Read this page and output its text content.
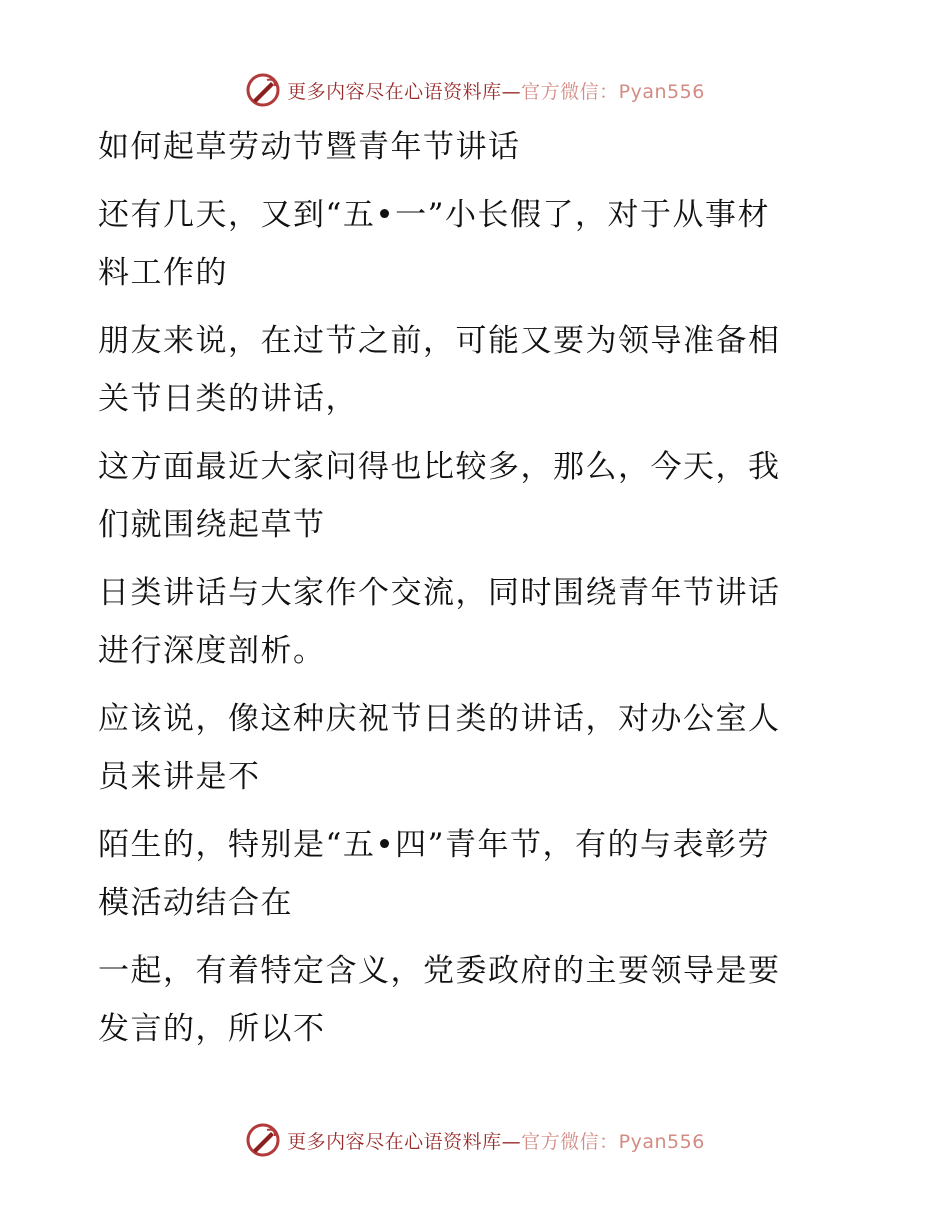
更多内容尽在心语资料库—官方微信：Pyan556
如何起草劳动节暨青年节讲话
还有几天，又到“五•一”小长假了，对于从事材
料工作的
朋友来说，在过节之前，可能又要为领导准备相
关节日类的讲话，
这方面最近大家问得也比较多，那么，今天，我
们就围绕起草节
日类讲话与大家作个交流，同时围绕青年节讲话
进行深度剖析。
应该说，像这种庆祝节日类的讲话，对办公室人
员来讲是不
陌生的，特别是“五•四”青年节，有的与表彰劳
模活动结合在
一起，有着特定含义，党委政府的主要领导是要
发言的，所以不
更多内容尽在心语资料库—官方微信：Pyan556
